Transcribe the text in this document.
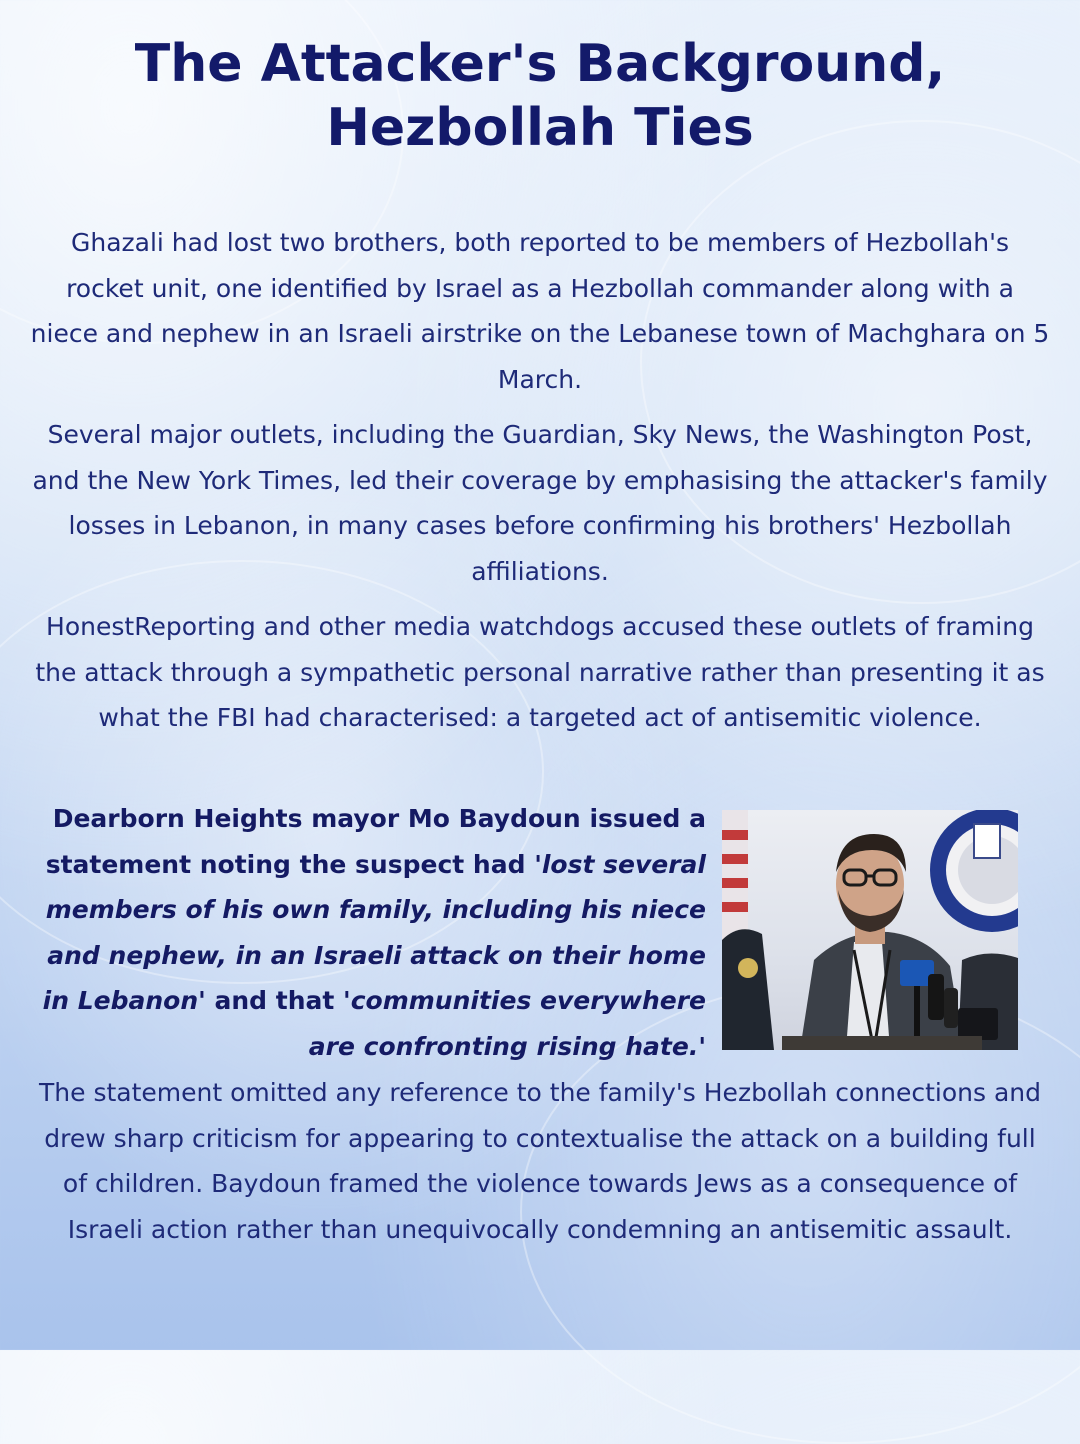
The Attacker's Background,
Hezbollah Ties

Ghazali had lost two brothers, both reported to be members of Hezbollah's rocket unit, one identified by Israel as a Hezbollah commander along with a niece and nephew in an Israeli airstrike on the Lebanese town of Machghara on 5 March.

Several major outlets, including the Guardian, Sky News, the Washington Post, and the New York Times, led their coverage by emphasising the attacker's family losses in Lebanon, in many cases before confirming his brothers' Hezbollah affiliations.

HonestReporting and other media watchdogs accused these outlets of framing the attack through a sympathetic personal narrative rather than presenting it as what the FBI had characterised: a targeted act of antisemitic violence.

Dearborn Heights mayor Mo Baydoun issued a statement noting the suspect had 'lost several members of his own family, including his niece and nephew, in an Israeli attack on their home in Lebanon' and that 'communities everywhere are confronting rising hate.'

The statement omitted any reference to the family's Hezbollah connections and drew sharp criticism for appearing to contextualise the attack on a building full of children. Baydoun framed the violence towards Jews as a consequence of Israeli action rather than unequivocally condemning an antisemitic assault.
